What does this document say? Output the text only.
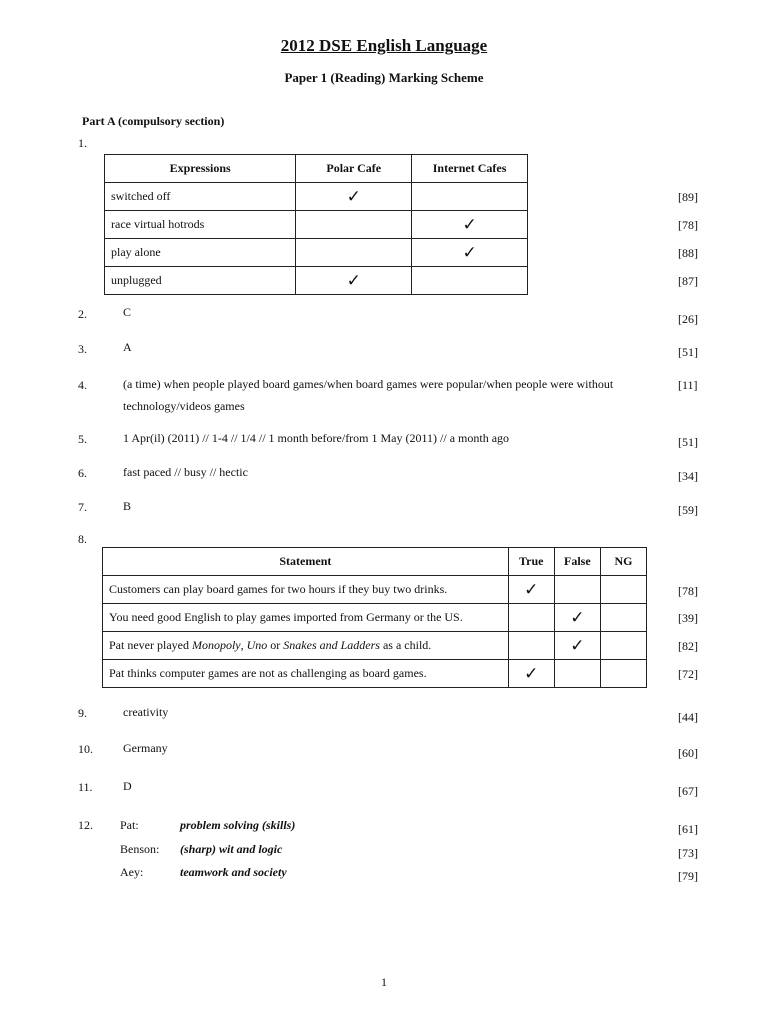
2012 DSE English Language
Paper 1 (Reading) Marking Scheme
Part A (compulsory section)
1.
Expressions	Polar Cafe	Internet Cafes
switched off	✓	
race virtual hotrods		✓
play alone		✓
unplugged	✓	
[89]
[78]
[88]
[87]
2.	C	[26]
3.	A	[51]
4.	(a time) when people played board games/when board games were popular/when people were without technology/videos games
[11]
5.	1 Apr(il) (2011) // 1-4 // 1/4 // 1 month before/from 1 May (2011) // a month ago	[51]
6.	fast paced // busy // hectic	[34]
7.	B	[59]
8.
Statement	True	False	NG
Customers can play board games for two hours if they buy two drinks.	✓		
You need good English to play games imported from Germany or the US.		✓	
Pat never played Monopoly, Uno or Snakes and Ladders as a child.		✓	
Pat thinks computer games are not as challenging as board games.	✓		
[78]
[39]
[82]
[72]
9.	creativity	[44]
10.	Germany	[60]
11.	D	[67]
12. Pat:	problem solving (skills)	[61]
Benson:	(sharp) wit and logic	[73]
Aey:	teamwork and society	[79]
1
